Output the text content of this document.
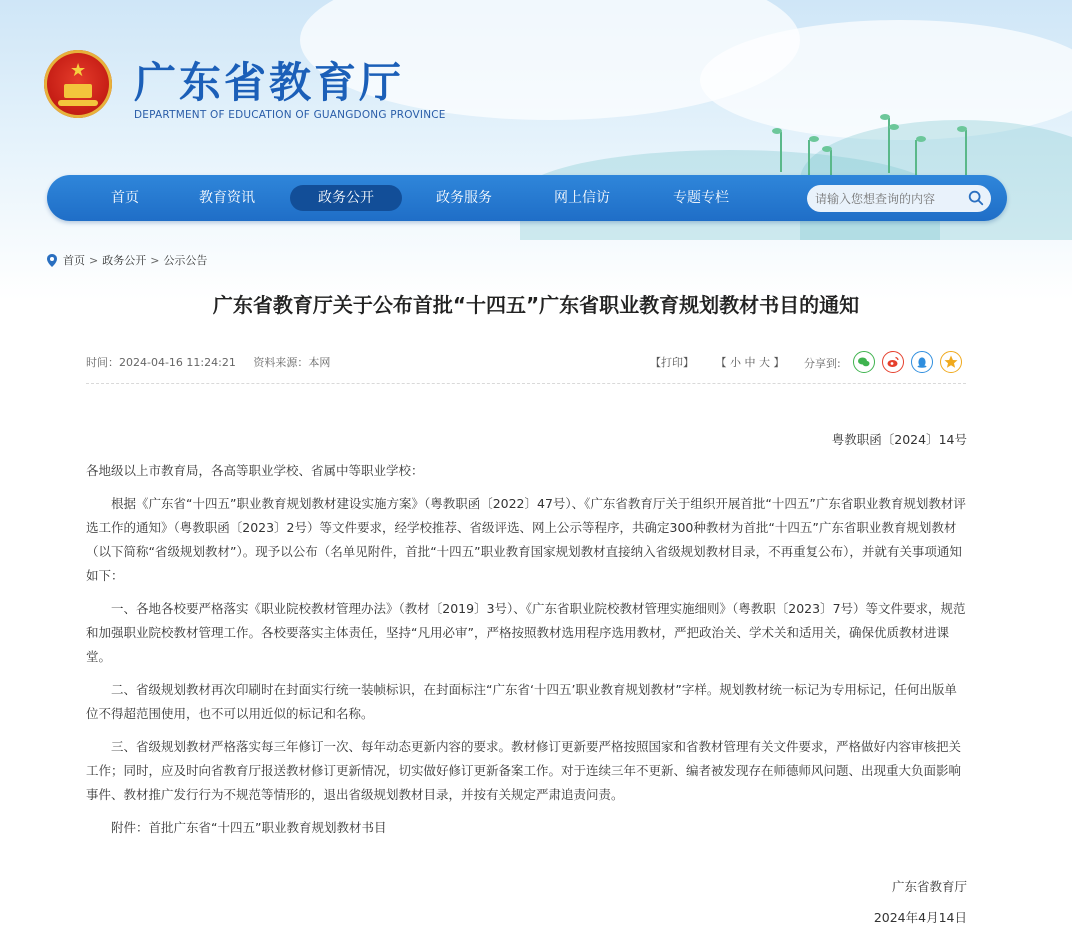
★ 广东省教育厅
DEPARTMENT OF EDUCATION OF GUANGDONG PROVINCE
首页	教育资讯	政务公开	政务服务	网上信访	专题专栏
请输入您想查询的内容
首页 > 政务公开 > 公示公告
广东省教育厅关于公布首批“十四五”广东省职业教育规划教材书目的通知
时间：2024-04-16 11:24:21 资料来源：本网	【打印】 【 小 中 大 】	分享到:
粤教职函〔2024〕14号

各地级以上市教育局，各高等职业学校、省属中等职业学校：

根据《广东省“十四五”职业教育规划教材建设实施方案》（粤教职函〔2022〕47号）、《广东省教育厅关于组织开展首批“十四五”广东省职业教育规划教材评选工作的通知》（粤教职函〔2023〕2号）等文件要求，经学校推荐、省级评选、网上公示等程序，共确定300种教材为首批“十四五”广东省职业教育规划教材（以下简称“省级规划教材”）。现予以公布（名单见附件，首批“十四五”职业教育国家规划教材直接纳入省级规划教材目录，不再重复公布），并就有关事项通知如下：

一、各地各校要严格落实《职业院校教材管理办法》（教材〔2019〕3号）、《广东省职业院校教材管理实施细则》（粤教职〔2023〕7号）等文件要求，规范和加强职业院校教材管理工作。各校要落实主体责任，坚持“凡用必审”，严格按照教材选用程序选用教材，严把政治关、学术关和适用关，确保优质教材进课堂。

二、省级规划教材再次印刷时在封面实行统一装帧标识，在封面标注“广东省‘十四五’职业教育规划教材”字样。规划教材统一标记为专用标记，任何出版单位不得超范围使用，也不可以用近似的标记和名称。

三、省级规划教材严格落实每三年修订一次、每年动态更新内容的要求。教材修订更新要严格按照国家和省教材管理有关文件要求，严格做好内容审核把关工作；同时，应及时向省教育厅报送教材修订更新情况，切实做好修订更新备案工作。对于连续三年不更新、编者被发现存在师德师风问题、出现重大负面影响事件、教材推广发行行为不规范等情形的，退出省级规划教材目录，并按有关规定严肃追责问责。

附件：首批广东省“十四五”职业教育规划教材书目

广东省教育厅
2024年4月14日
